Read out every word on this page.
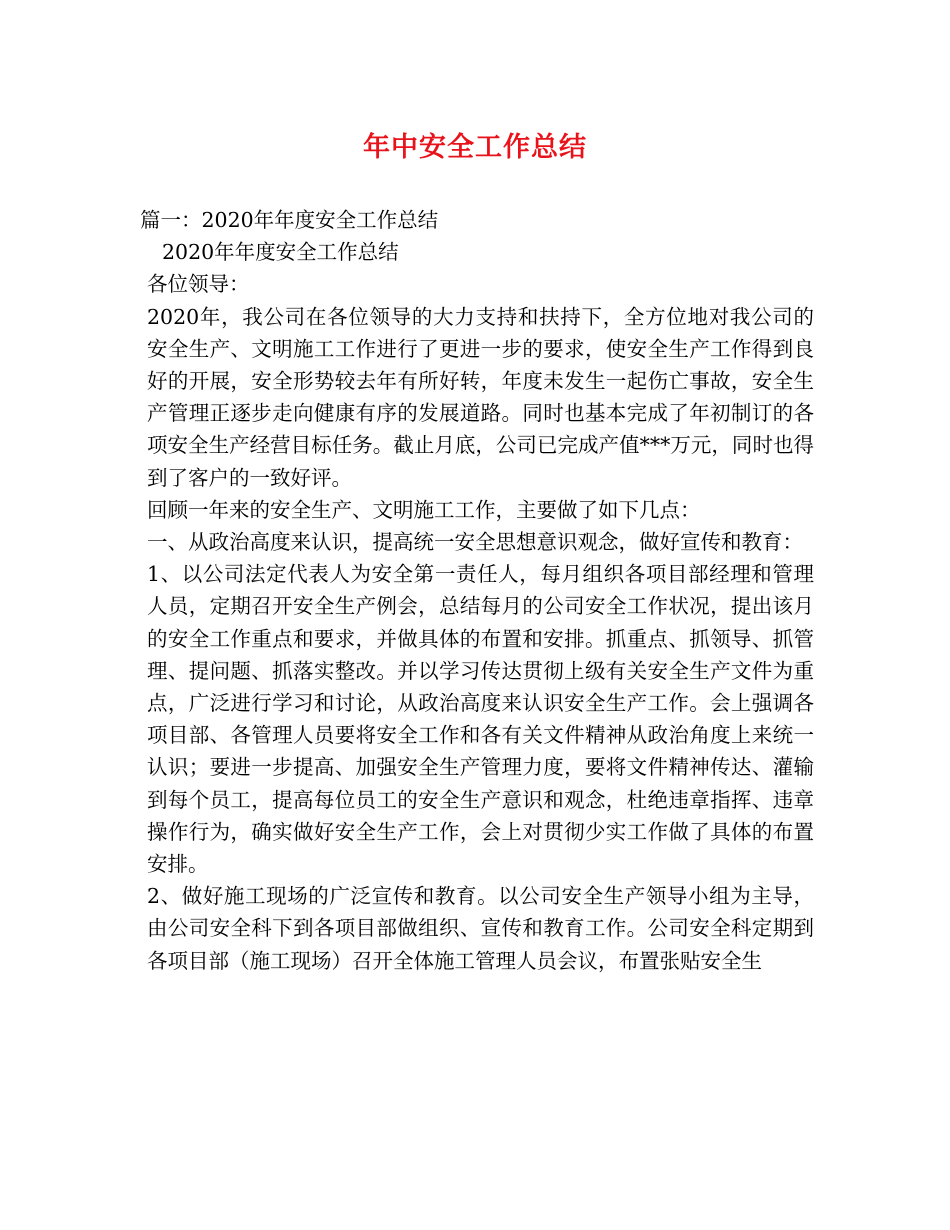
年中安全工作总结

篇一：2020年年度安全工作总结

2020年年度安全工作总结

各位领导：

2020年，我公司在各位领导的大力支持和扶持下，全方位地对我公司的安全生产、文明施工工作进行了更进一步的要求，使安全生产工作得到良好的开展，安全形势较去年有所好转，年度未发生一起伤亡事故，安全生产管理正逐步走向健康有序的发展道路。同时也基本完成了年初制订的各项安全生产经营目标任务。截止月底，公司已完成产值***万元，同时也得到了客户的一致好评。

回顾一年来的安全生产、文明施工工作，主要做了如下几点：

一、从政治高度来认识，提高统一安全思想意识观念，做好宣传和教育：

1、以公司法定代表人为安全第一责任人，每月组织各项目部经理和管理人员，定期召开安全生产例会，总结每月的公司安全工作状况，提出该月的安全工作重点和要求，并做具体的布置和安排。抓重点、抓领导、抓管理、提问题、抓落实整改。并以学习传达贯彻上级有关安全生产文件为重点，广泛进行学习和讨论，从政治高度来认识安全生产工作。会上强调各项目部、各管理人员要将安全工作和各有关文件精神从政治角度上来统一认识；要进一步提高、加强安全生产管理力度，要将文件精神传达、灌输到每个员工，提高每位员工的安全生产意识和观念，杜绝违章指挥、违章操作行为，确实做好安全生产工作，会上对贯彻少实工作做了具体的布置安排。

2、做好施工现场的广泛宣传和教育。以公司安全生产领导小组为主导，由公司安全科下到各项目部做组织、宣传和教育工作。公司安全科定期到各项目部（施工现场）召开全体施工管理人员会议，布置张贴安全生
